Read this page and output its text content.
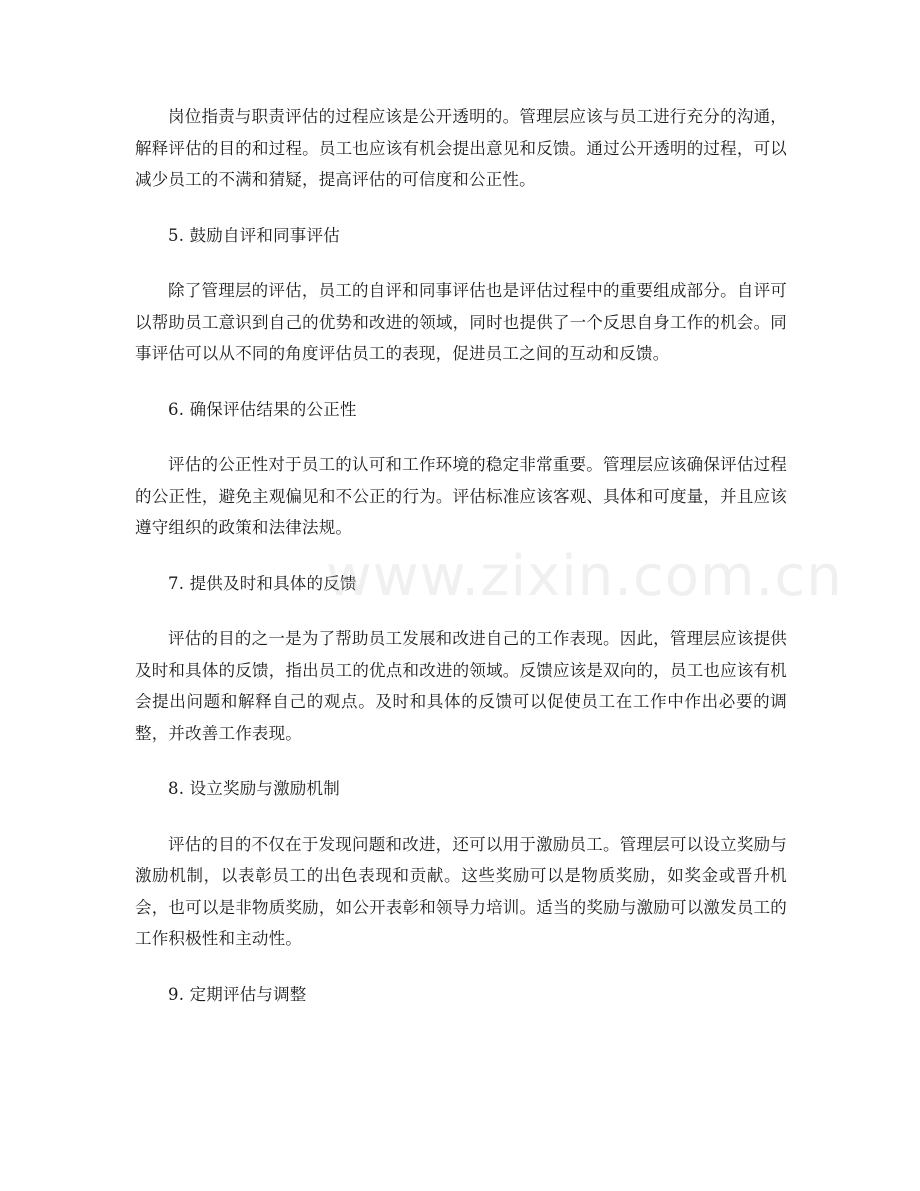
岗位指责与职责评估的过程应该是公开透明的。管理层应该与员工进行充分的沟通，解释评估的目的和过程。员工也应该有机会提出意见和反馈。通过公开透明的过程，可以减少员工的不满和猜疑，提高评估的可信度和公正性。

5. 鼓励自评和同事评估

除了管理层的评估，员工的自评和同事评估也是评估过程中的重要组成部分。自评可以帮助员工意识到自己的优势和改进的领域，同时也提供了一个反思自身工作的机会。同事评估可以从不同的角度评估员工的表现，促进员工之间的互动和反馈。

6. 确保评估结果的公正性

评估的公正性对于员工的认可和工作环境的稳定非常重要。管理层应该确保评估过程的公正性，避免主观偏见和不公正的行为。评估标准应该客观、具体和可度量，并且应该遵守组织的政策和法律法规。

7. 提供及时和具体的反馈

评估的目的之一是为了帮助员工发展和改进自己的工作表现。因此，管理层应该提供及时和具体的反馈，指出员工的优点和改进的领域。反馈应该是双向的，员工也应该有机会提出问题和解释自己的观点。及时和具体的反馈可以促使员工在工作中作出必要的调整，并改善工作表现。

8. 设立奖励与激励机制

评估的目的不仅在于发现问题和改进，还可以用于激励员工。管理层可以设立奖励与激励机制，以表彰员工的出色表现和贡献。这些奖励可以是物质奖励，如奖金或晋升机会，也可以是非物质奖励，如公开表彰和领导力培训。适当的奖励与激励可以激发员工的工作积极性和主动性。

9. 定期评估与调整

www.zixin.com.cn
